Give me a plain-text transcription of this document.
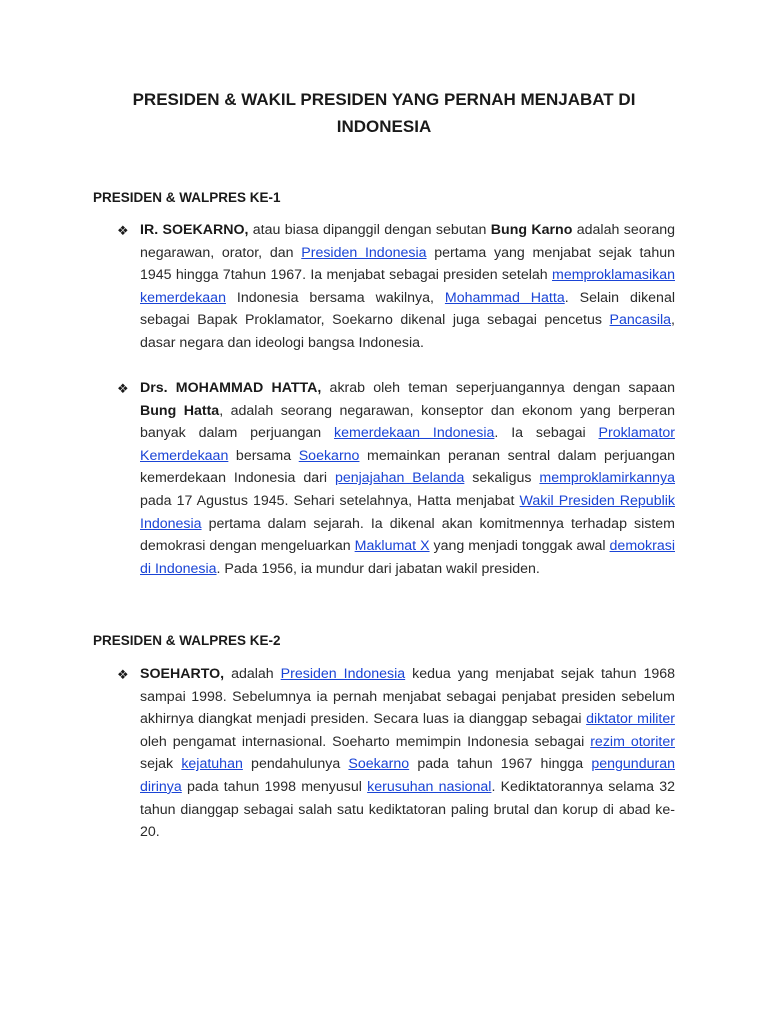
PRESIDEN & WAKIL PRESIDEN YANG PERNAH MENJABAT DI INDONESIA
PRESIDEN & WALPRES KE-1
❖ IR. SOEKARNO, atau biasa dipanggil dengan sebutan Bung Karno adalah seorang negarawan, orator, dan Presiden Indonesia pertama yang menjabat sejak tahun 1945 hingga 7tahun 1967. Ia menjabat sebagai presiden setelah memproklamasikan kemerdekaan Indonesia bersama wakilnya, Mohammad Hatta. Selain dikenal sebagai Bapak Proklamator, Soekarno dikenal juga sebagai pencetus Pancasila, dasar negara dan ideologi bangsa Indonesia.
❖ Drs. MOHAMMAD HATTA, akrab oleh teman seperjuangannya dengan sapaan Bung Hatta, adalah seorang negarawan, konseptor dan ekonom yang berperan banyak dalam perjuangan kemerdekaan Indonesia. Ia sebagai Proklamator Kemerdekaan bersama Soekarno memainkan peranan sentral dalam perjuangan kemerdekaan Indonesia dari penjajahan Belanda sekaligus memproklamirkannya pada 17 Agustus 1945. Sehari setelahnya, Hatta menjabat Wakil Presiden Republik Indonesia pertama dalam sejarah. Ia dikenal akan komitmennya terhadap sistem demokrasi dengan mengeluarkan Maklumat X yang menjadi tonggak awal demokrasi di Indonesia. Pada 1956, ia mundur dari jabatan wakil presiden.
PRESIDEN & WALPRES KE-2
❖ SOEHARTO, adalah Presiden Indonesia kedua yang menjabat sejak tahun 1968 sampai 1998. Sebelumnya ia pernah menjabat sebagai penjabat presiden sebelum akhirnya diangkat menjadi presiden. Secara luas ia dianggap sebagai diktator militer oleh pengamat internasional. Soeharto memimpin Indonesia sebagai rezim otoriter sejak kejatuhan pendahulunya Soekarno pada tahun 1967 hingga pengunduran dirinya pada tahun 1998 menyusul kerusuhan nasional. Kediktatorannya selama 32 tahun dianggap sebagai salah satu kediktatoran paling brutal dan korup di abad ke-20.
